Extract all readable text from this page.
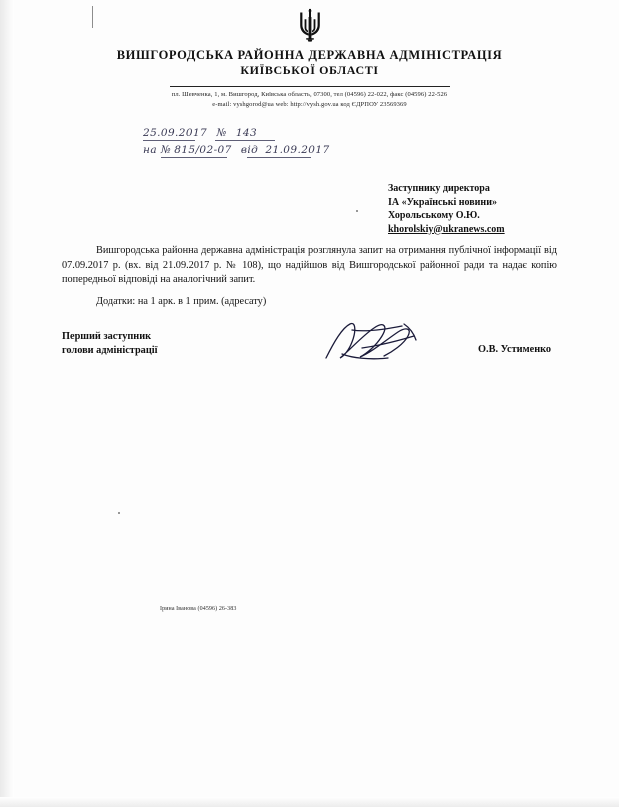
ВИШГОРОДСЬКА РАЙОННА ДЕРЖАВНА АДМІНІСТРАЦІЯ
КИЇВСЬКОЇ ОБЛАСТІ
пл. Шевченка, 1, м. Вишгород, Київська область, 07300, тел (04596) 22-022, факс (04596) 22-526
e-mail: vyshgorod@ua web: http://vysh.gov.ua код ЄДРПОУ 23569369
25.09.2017 № 143
на № 815/02-07 від 21.09.2017
Заступнику директора
ІА «Українські новини»
Хорольському О.Ю.
khorolskiy@ukranews.com
Вишгородська районна державна адміністрація розглянула запит на отримання публічної інформації від 07.09.2017 р. (вх. від 21.09.2017 р. № 108), що надійшов від Вишгородської районної ради та надає копію попередньої відповіді на аналогічний запит.
Додатки: на 1 арк. в 1 прим. (адресату)
Перший заступник
голови адміністрації	О.В. Устименко
Ірина Іванова (04596) 26-383
